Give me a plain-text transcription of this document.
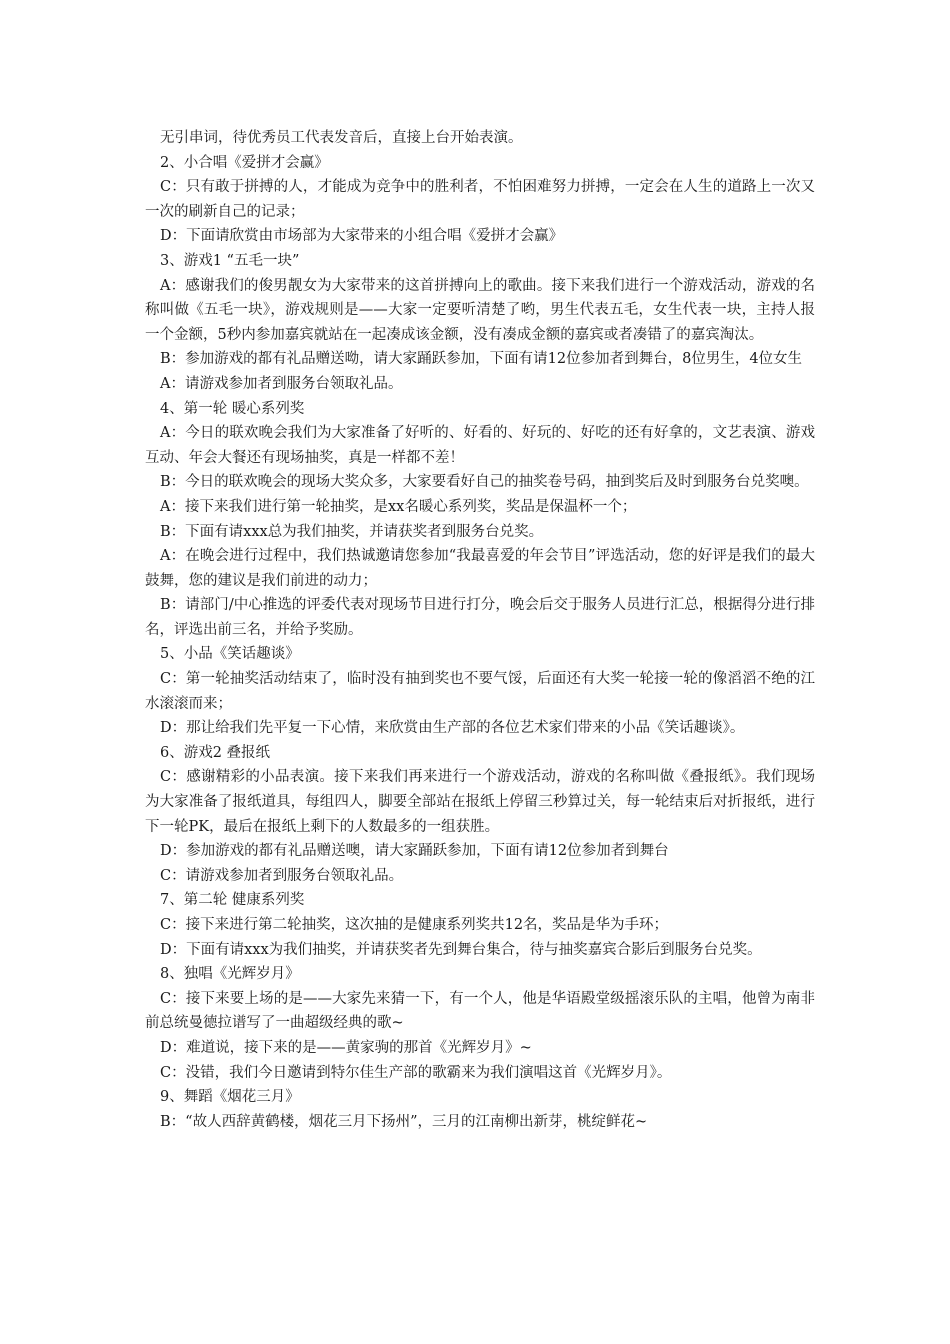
无引串词，待优秀员工代表发音后，直接上台开始表演。

2、小合唱《爱拼才会赢》

C：只有敢于拼搏的人，才能成为竞争中的胜利者，不怕困难努力拼搏，一定会在人生的道路上一次又一次的刷新自己的记录；

D：下面请欣赏由市场部为大家带来的小组合唱《爱拼才会赢》

3、游戏1 “五毛一块”

A：感谢我们的俊男靓女为大家带来的这首拼搏向上的歌曲。接下来我们进行一个游戏活动，游戏的名称叫做《五毛一块》，游戏规则是——大家一定要听清楚了哟，男生代表五毛，女生代表一块，主持人报一个金额，5秒内参加嘉宾就站在一起凑成该金额，没有凑成金额的嘉宾或者凑错了的嘉宾淘汰。

B：参加游戏的都有礼品赠送呦，请大家踊跃参加，下面有请12位参加者到舞台，8位男生，4位女生

A：请游戏参加者到服务台领取礼品。

4、第一轮 暖心系列奖

A：今日的联欢晚会我们为大家准备了好听的、好看的、好玩的、好吃的还有好拿的，文艺表演、游戏互动、年会大餐还有现场抽奖，真是一样都不差！

B：今日的联欢晚会的现场大奖众多，大家要看好自己的抽奖卷号码，抽到奖后及时到服务台兑奖噢。

A：接下来我们进行第一轮抽奖，是xx名暖心系列奖，奖品是保温杯一个；

B：下面有请xxx总为我们抽奖，并请获奖者到服务台兑奖。

A：在晚会进行过程中，我们热诚邀请您参加“我最喜爱的年会节目”评选活动，您的好评是我们的最大鼓舞，您的建议是我们前进的动力；

B：请部门/中心推选的评委代表对现场节目进行打分，晚会后交于服务人员进行汇总，根据得分进行排名，评选出前三名，并给予奖励。

5、小品《笑话趣谈》

C：第一轮抽奖活动结束了，临时没有抽到奖也不要气馁，后面还有大奖一轮接一轮的像滔滔不绝的江水滚滚而来；

D：那让给我们先平复一下心情，来欣赏由生产部的各位艺术家们带来的小品《笑话趣谈》。

6、游戏2 叠报纸

C：感谢精彩的小品表演。接下来我们再来进行一个游戏活动，游戏的名称叫做《叠报纸》。我们现场为大家准备了报纸道具，每组四人，脚要全部站在报纸上停留三秒算过关，每一轮结束后对折报纸，进行下一轮PK，最后在报纸上剩下的人数最多的一组获胜。

D：参加游戏的都有礼品赠送噢，请大家踊跃参加，下面有请12位参加者到舞台

C：请游戏参加者到服务台领取礼品。

7、第二轮 健康系列奖

C：接下来进行第二轮抽奖，这次抽的是健康系列奖共12名，奖品是华为手环；

D：下面有请xxx为我们抽奖，并请获奖者先到舞台集合，待与抽奖嘉宾合影后到服务台兑奖。

8、独唱《光辉岁月》

C：接下来要上场的是——大家先来猜一下，有一个人，他是华语殿堂级摇滚乐队的主唱，他曾为南非前总统曼德拉谱写了一曲超级经典的歌~

D：难道说，接下来的是——黄家驹的那首《光辉岁月》~

C：没错，我们今日邀请到特尔佳生产部的歌霸来为我们演唱这首《光辉岁月》。

9、舞蹈《烟花三月》

B：“故人西辞黄鹤楼，烟花三月下扬州”，三月的江南柳出新芽，桃绽鲜花~
